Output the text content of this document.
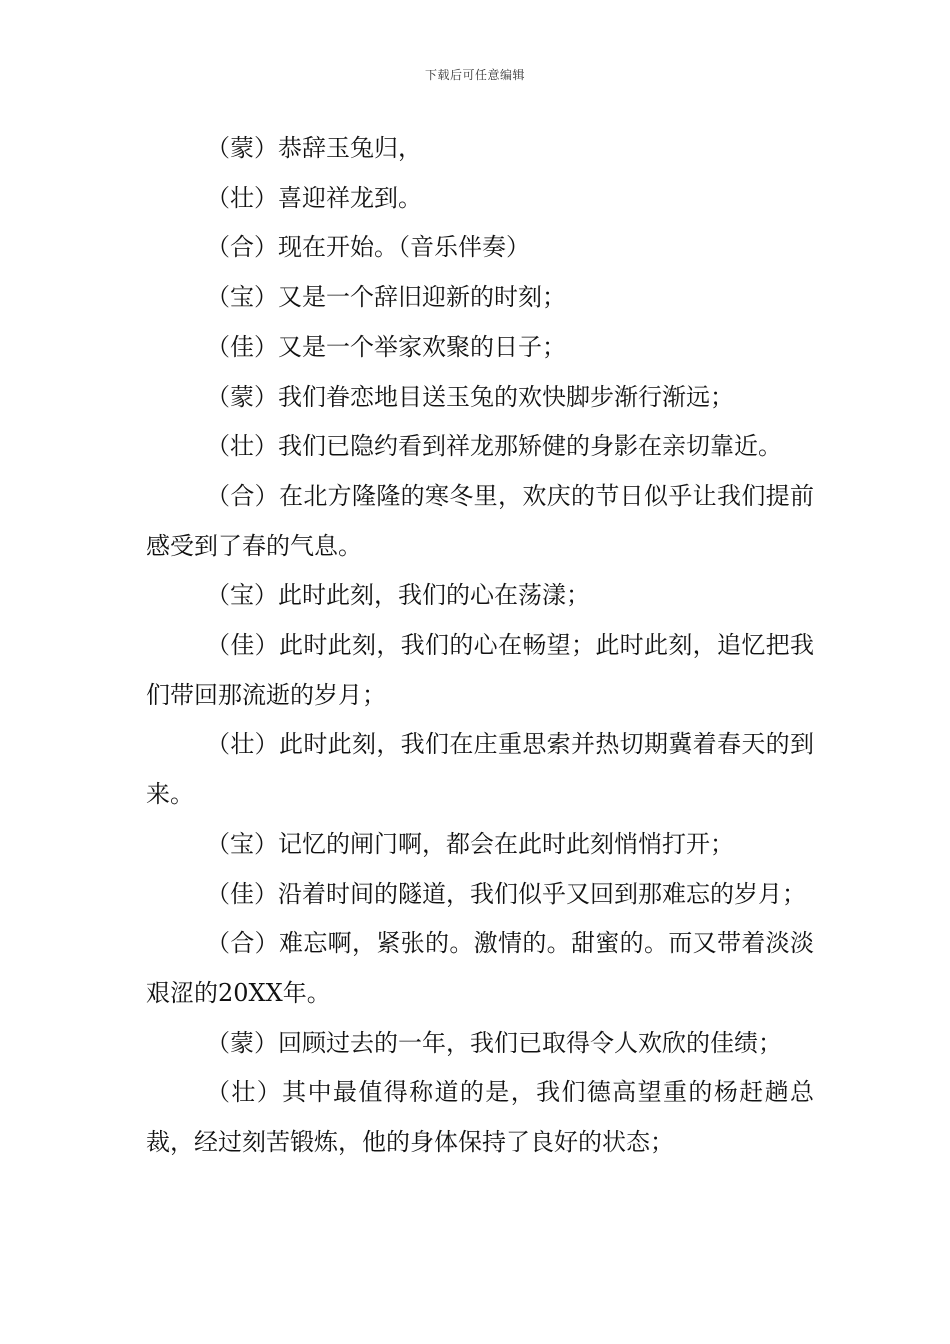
下载后可任意编辑

（蒙）恭辞玉兔归，

（壮）喜迎祥龙到。

（合）现在开始。（音乐伴奏）

（宝）又是一个辞旧迎新的时刻；

（佳）又是一个举家欢聚的日子；

（蒙）我们眷恋地目送玉兔的欢快脚步渐行渐远；

（壮）我们已隐约看到祥龙那矫健的身影在亲切靠近。

（合）在北方隆隆的寒冬里，欢庆的节日似乎让我们提前感受到了春的气息。

（宝）此时此刻，我们的心在荡漾；

（佳）此时此刻，我们的心在畅望；此时此刻，追忆把我们带回那流逝的岁月；

（壮）此时此刻，我们在庄重思索并热切期冀着春天的到来。

（宝）记忆的闸门啊，都会在此时此刻悄悄打开；

（佳）沿着时间的隧道，我们似乎又回到那难忘的岁月；

（合）难忘啊，紧张的。激情的。甜蜜的。而又带着淡淡艰涩的20XX年。

（蒙）回顾过去的一年，我们已取得令人欢欣的佳绩；

（壮）其中最值得称道的是，我们德高望重的杨赶趟总裁，经过刻苦锻炼，他的身体保持了良好的状态；
